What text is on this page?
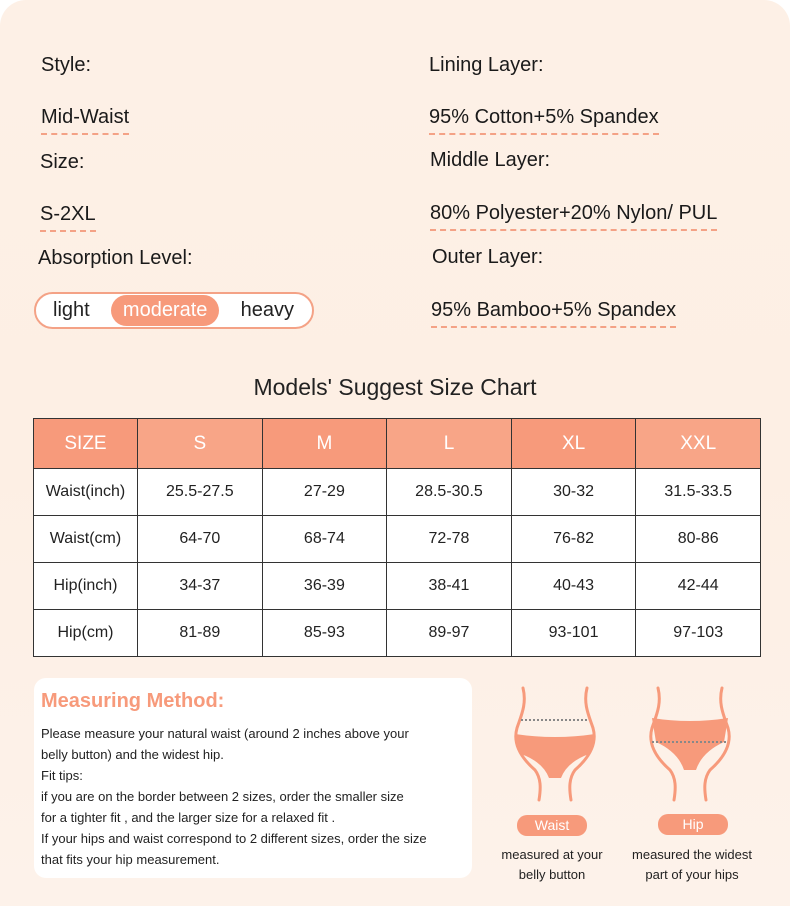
Style:
Mid-Waist
Size:
S-2XL
Absorption Level:
light	moderate	heavy
Lining Layer:
95% Cotton+5% Spandex
Middle Layer:
80% Polyester+20% Nylon/ PUL
Outer Layer:
95% Bamboo+5% Spandex
Models' Suggest Size Chart
SIZE	S	M	L	XL	XXL
Waist(inch)	25.5-27.5	27-29	28.5-30.5	30-32	31.5-33.5
Waist(cm)	64-70	68-74	72-78	76-82	80-86
Hip(inch)	34-37	36-39	38-41	40-43	42-44
Hip(cm)	81-89	85-93	89-97	93-101	97-103
Measuring Method:

Please measure your natural waist (around 2 inches above your

belly button) and the widest hip.

Fit tips:

if you are on the border between 2 sizes, order the smaller size

for a tighter fit , and the larger size for a relaxed fit .

If your hips and waist correspond to 2 different sizes, order the size

that fits your hip measurement.

Waist
measured at your
belly button
Hip
measured the widest
part of your hips
